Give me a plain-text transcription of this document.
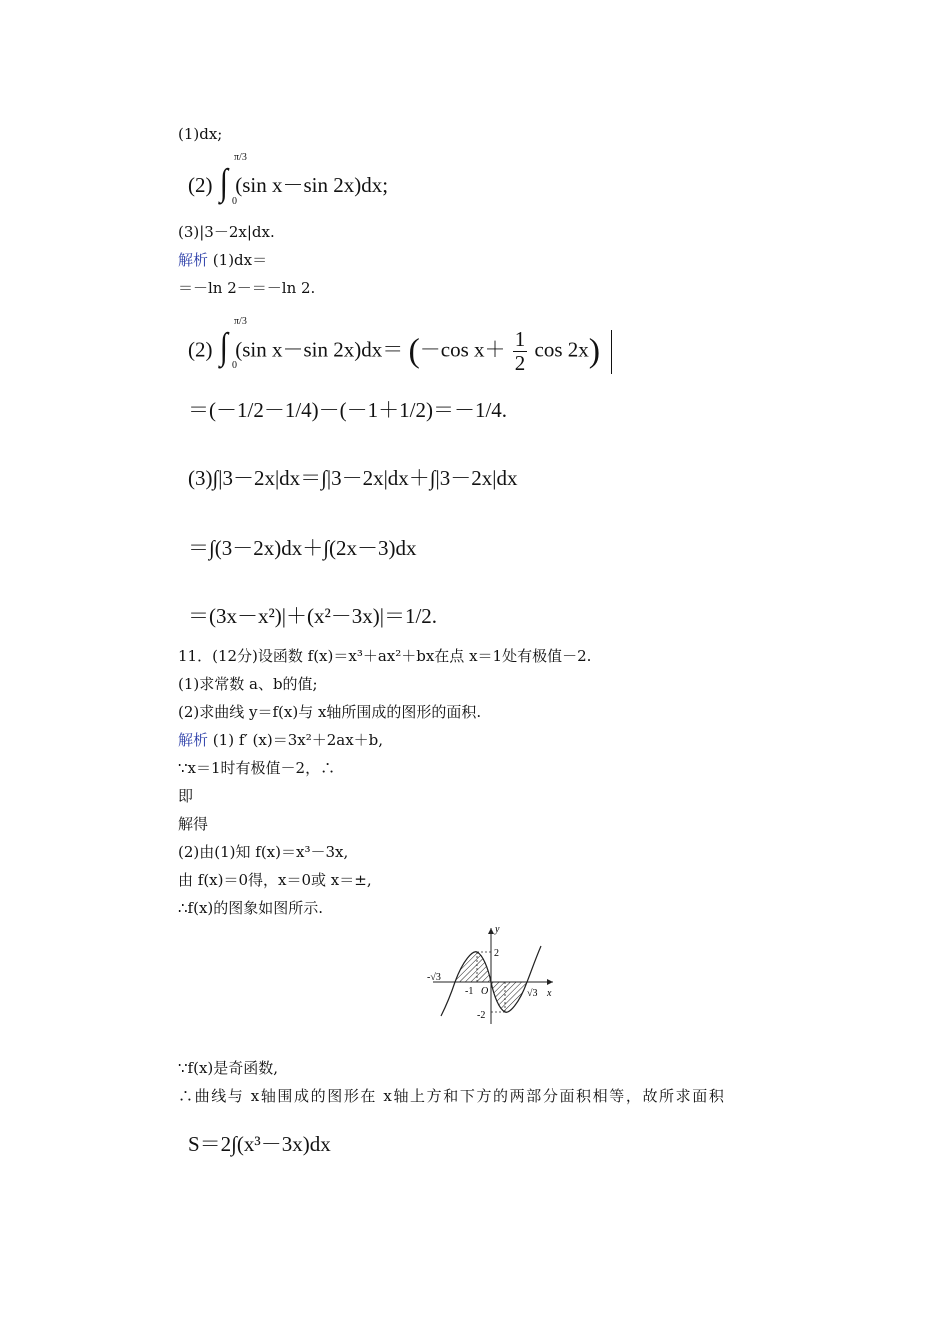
(1)dx;
(2) ∫ (sin x－sin 2x)dx;
π/3
0
(3)|3－2x|dx.
解析 (1)dx＝
＝－ln 2－＝－ln 2.
(2) ∫ (sin x－sin 2x)dx＝ (－cos $x+ \frac{1}{2}$ cos 2x)
π/3
0
＝(－1/2－1/4)－(－1＋1/2)＝－1/4.
(3)∫|3－2x|dx＝∫|3－2x|dx＋∫|3－2x|dx
＝∫(3－2x)dx＋∫(2x－3)dx
＝(3x－x²)|＋(x²－3x)|＝1/2.
11．(12分)设函数 f(x)＝x³＋ax²＋bx在点 x＝1处有极值－2.
(1)求常数 a、b的值;
(2)求曲线 y＝f(x)与 x轴所围成的图形的面积.
解析 (1) f′ (x)＝3x²＋2ax＋b,
∵x＝1时有极值－2，∴
即
解得
(2)由(1)知 f(x)＝x³－3x,
由 f(x)＝0得，x＝0或 x＝±,
∴f(x)的图象如图所示.
y
x
2
-2
-√3
√3
-1 O
∵f(x)是奇函数,
∴曲线与 x轴围成的图形在 x轴上方和下方的两部分面积相等，故所求面积
S＝2∫(x³－3x)dx
